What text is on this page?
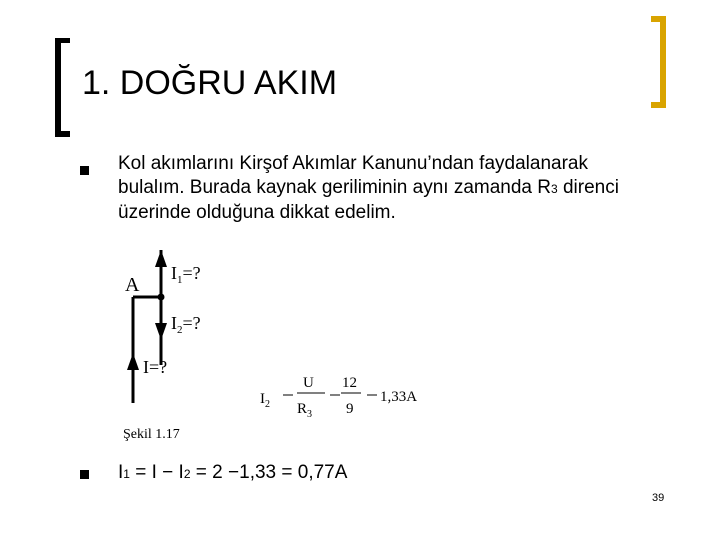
1. DOĞRU AKIM
Kol akımlarını Kirşof Akımlar Kanunu’ndan faydalanarak
bulalım. Burada kaynak geriliminin aynı zamanda R3 direnci
üzerinde olduğuna dikkat edelim.
A
$I_1=$?
$I_2=$?
I=?
$I_2$
U
$R_3$
12
9
1,33A
Şekil 1.17
I1 = I − I2 = 2 −1,33 = 0,77A
39
